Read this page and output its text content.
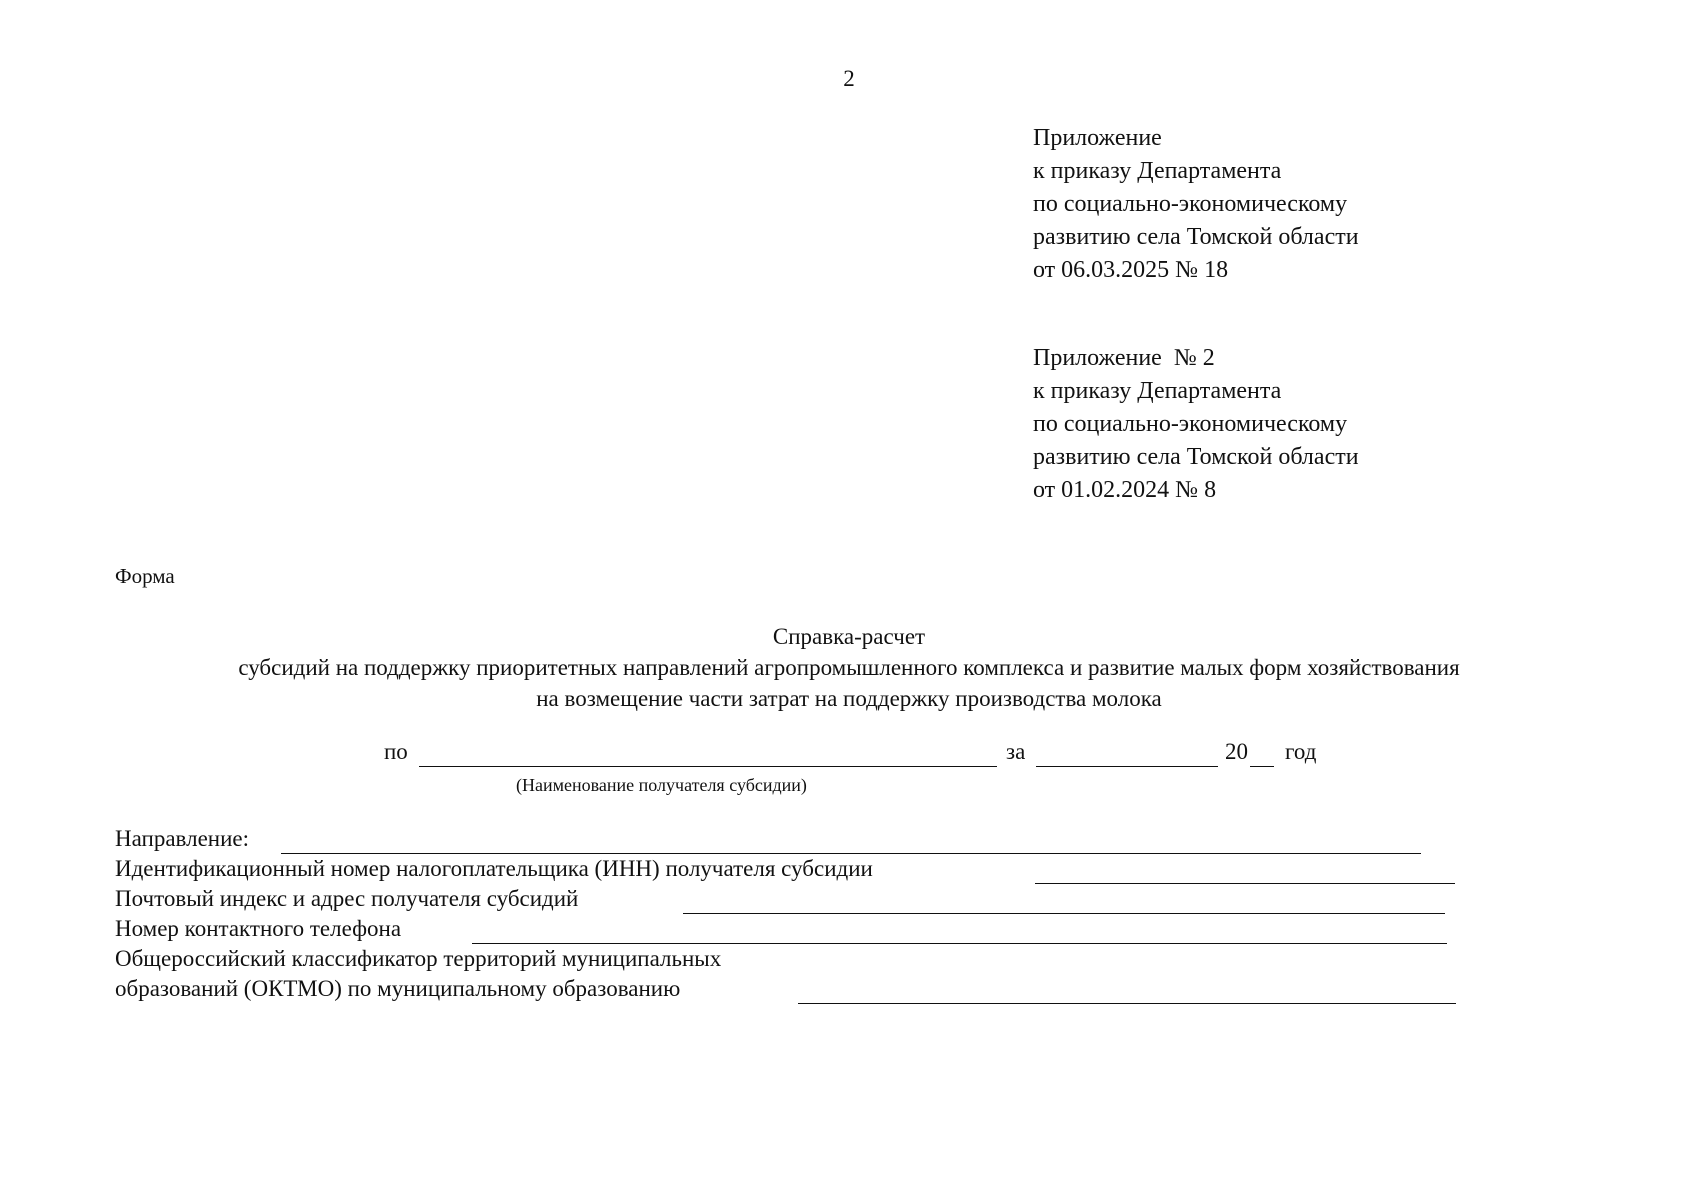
2
Приложение
к приказу Департамента
по социально-экономическому
развитию села Томской области
от 06.03.2025 № 18
Приложение  № 2
к приказу Департамента
по социально-экономическому
развитию села Томской области
от 01.02.2024 № 8
Форма
Справка-расчет
субсидий на поддержку приоритетных направлений агропромышленного комплекса и развитие малых форм хозяйствования
на возмещение части затрат на поддержку производства молока
по	за	20 год
(Наименование получателя субсидии)
Направление:
Идентификационный номер налогоплательщика (ИНН) получателя субсидии
Почтовый индекс и адрес получателя субсидий
Номер контактного телефона
Общероссийский классификатор территорий муниципальных
образований (ОКТМО) по муниципальному образованию
